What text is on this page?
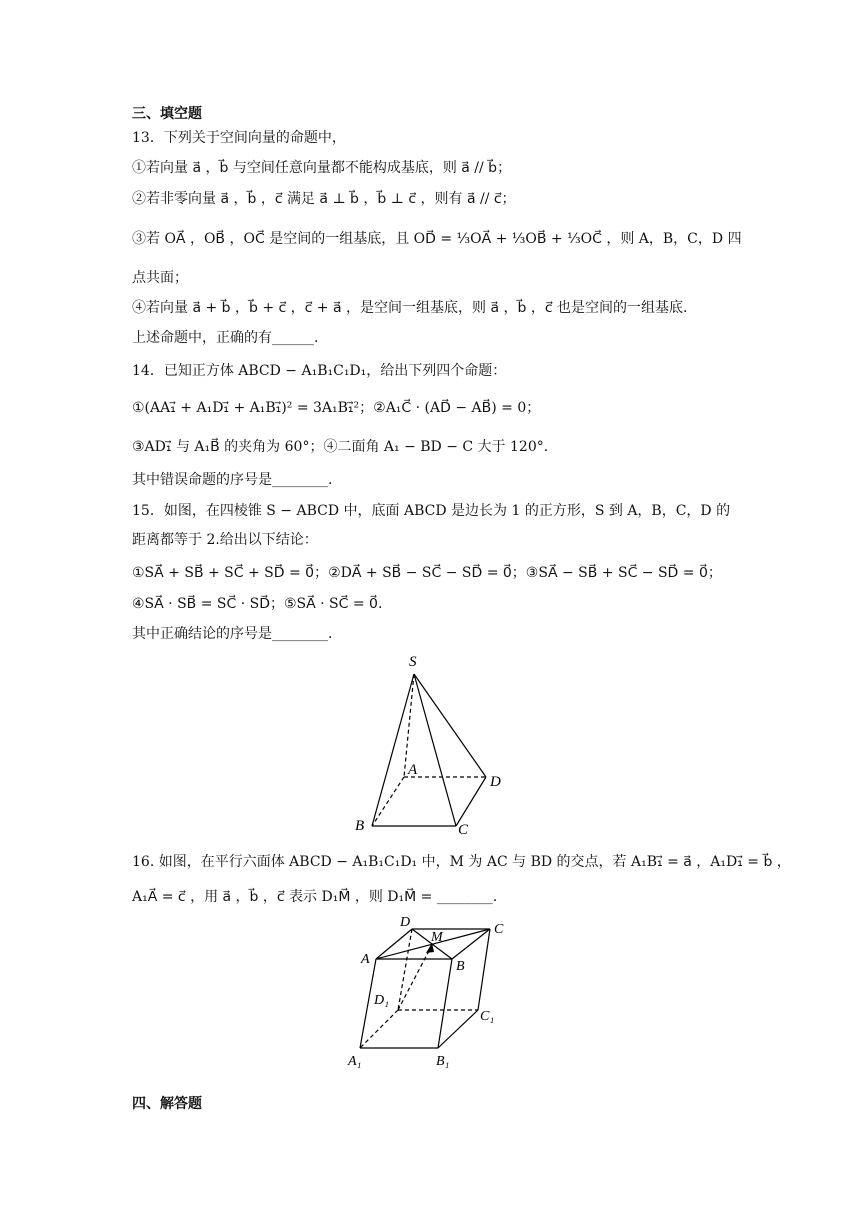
三、填空题
13．下列关于空间向量的命题中，
①若向量 a⃗ ，b⃗ 与空间任意向量都不能构成基底，则 a⃗ // b⃗；
②若非零向量 a⃗ ，b⃗ ，c⃗ 满足 a⃗ ⊥ b⃗ ，b⃗ ⊥ c⃗ ，则有 a⃗ // c⃗；
③若 OA⃗ ，OB⃗ ，OC⃗ 是空间的一组基底，且 OD⃗ = ⅓OA⃗ + ⅓OB⃗ + ⅓OC⃗ ，则 A，B，C，D 四
点共面；
④若向量 a⃗ + b⃗ ，b⃗ + c⃗ ，c⃗ + a⃗ ，是空间一组基底，则 a⃗ ，b⃗ ，c⃗ 也是空间的一组基底.
上述命题中，正确的有______.
14．已知正方体 ABCD − A₁B₁C₁D₁，给出下列四个命题：
①(AA₁⃗ + A₁D₁⃗ + A₁B₁⃗)² = 3A₁B₁⃗²；②A₁C⃗ · (AD⃗ − AB⃗) = 0；
③AD₁⃗ 与 A₁B⃗ 的夹角为 60°；④二面角 A₁ − BD − C 大于 120°.
其中错误命题的序号是________.
15．如图，在四棱锥 S − ABCD 中，底面 ABCD 是边长为 1 的正方形，S 到 A，B，C，D 的
距离都等于 2.给出以下结论：
①SA⃗ + SB⃗ + SC⃗ + SD⃗ = 0⃗；②DA⃗ + SB⃗ − SC⃗ − SD⃗ = 0⃗；③SA⃗ − SB⃗ + SC⃗ − SD⃗ = 0⃗；
④SA⃗ · SB⃗ = SC⃗ · SD⃗；⑤SA⃗ · SC⃗ = 0⃗.
其中正确结论的序号是________.
S
A
B	C
D
16. 如图，在平行六面体 ABCD − A₁B₁C₁D₁ 中，M 为 AC 与 BD 的交点，若 A₁B₁⃗ = a⃗ ，A₁D₁⃗ = b⃗ ，
A₁A⃗ = c⃗ ，用 a⃗ ，b⃗ ，c⃗ 表示 D₁M⃗ ，则 D₁M⃗ = ________.
D
M
C
A	B
D₁
C₁
A₁	B₁
四、解答题
